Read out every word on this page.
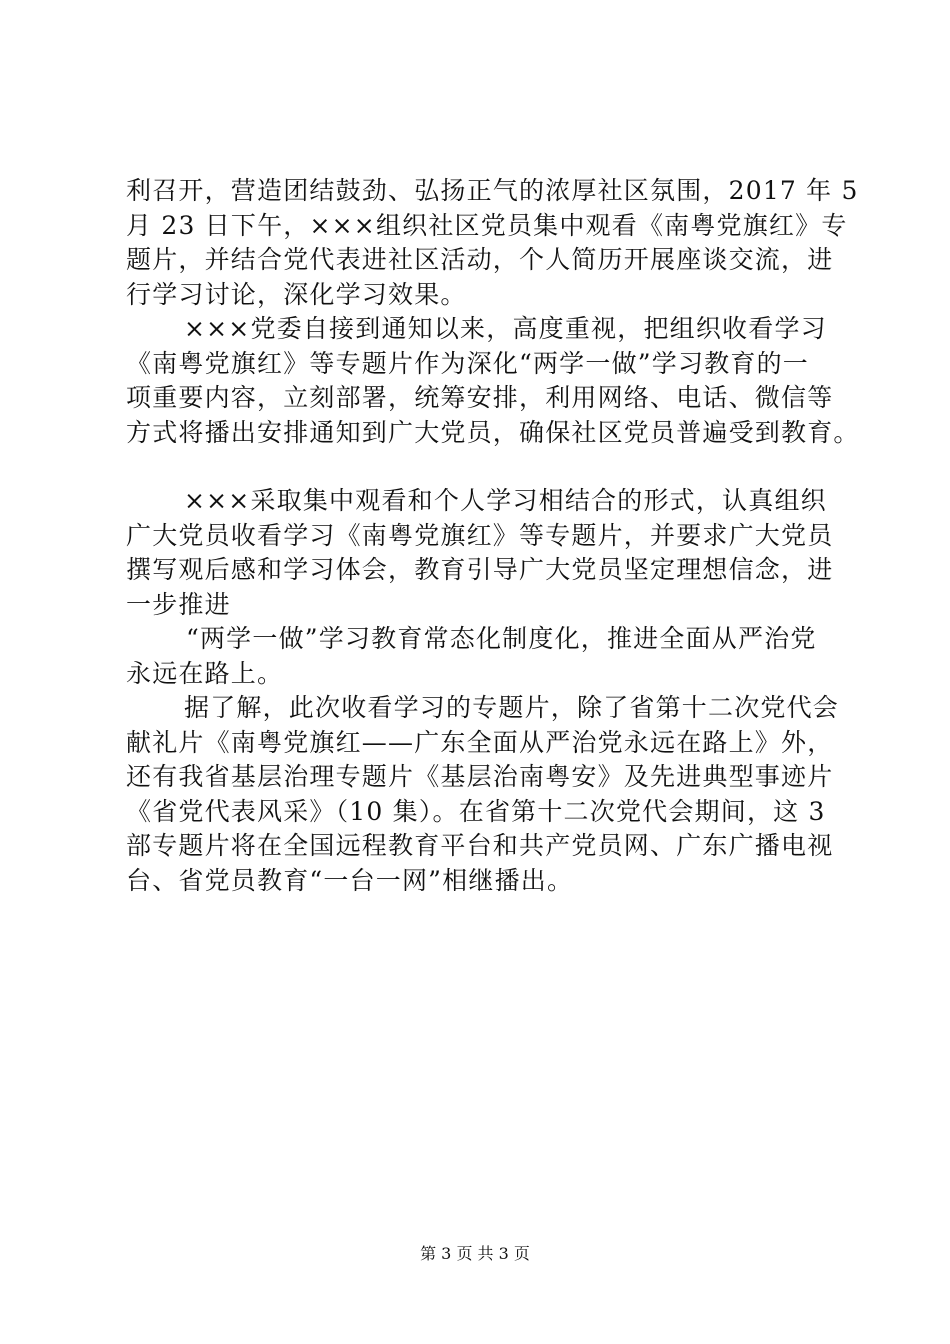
利召开，营造团结鼓劲、弘扬正气的浓厚社区氛围，2017 年 5
月 23 日下午，×××组织社区党员集中观看《南粤党旗红》专
题片，并结合党代表进社区活动，个人简历开展座谈交流，进
行学习讨论，深化学习效果。
×××党委自接到通知以来，高度重视，把组织收看学习
《南粤党旗红》等专题片作为深化“两学一做”学习教育的一
项重要内容，立刻部署，统筹安排，利用网络、电话、微信等
方式将播出安排通知到广大党员，确保社区党员普遍受到教育。
×××采取集中观看和个人学习相结合的形式，认真组织
广大党员收看学习《南粤党旗红》等专题片，并要求广大党员
撰写观后感和学习体会，教育引导广大党员坚定理想信念，进
一步推进
“两学一做”学习教育常态化制度化，推进全面从严治党
永远在路上。
据了解，此次收看学习的专题片，除了省第十二次党代会
献礼片《南粤党旗红——广东全面从严治党永远在路上》外，
还有我省基层治理专题片《基层治南粤安》及先进典型事迹片
《省党代表风采》（10 集）。在省第十二次党代会期间，这 3
部专题片将在全国远程教育平台和共产党员网、广东广播电视
台、省党员教育“一台一网”相继播出。
第 3 页 共 3 页
